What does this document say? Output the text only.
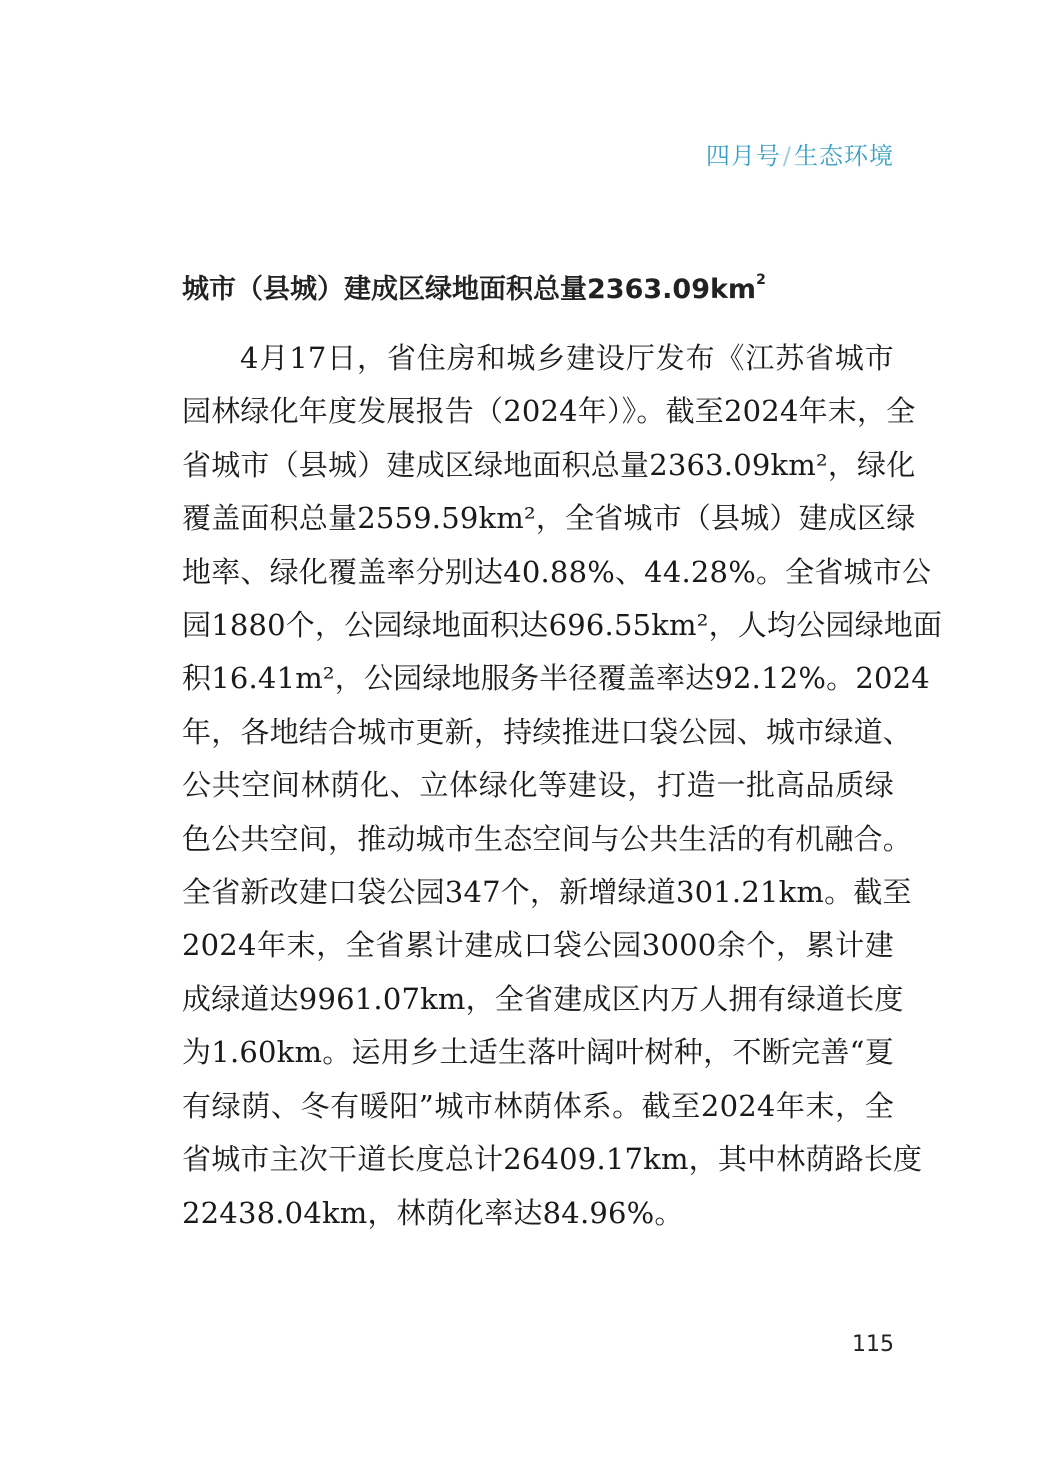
四月号/生态环境
城市（县城）建成区绿地面积总量$2363.09km^2$
4月17日，省住房和城乡建设厅发布《江苏省城市
园林绿化年度发展报告（2024年）》。截至2024年末，全
省城市（县城）建成区绿地面积总量2363.09km²，绿化
覆盖面积总量2559.59km²，全省城市（县城）建成区绿
地率、绿化覆盖率分别达40.88%、44.28%。全省城市公
园1880个，公园绿地面积达696.55km²，人均公园绿地面
积16.41m²，公园绿地服务半径覆盖率达92.12%。2024
年，各地结合城市更新，持续推进口袋公园、城市绿道、
公共空间林荫化、立体绿化等建设，打造一批高品质绿
色公共空间，推动城市生态空间与公共生活的有机融合。
全省新改建口袋公园347个，新增绿道301.21km。截至
2024年末，全省累计建成口袋公园3000余个，累计建
成绿道达9961.07km，全省建成区内万人拥有绿道长度
为1.60km。运用乡土适生落叶阔叶树种，不断完善“夏
有绿荫、冬有暖阳”城市林荫体系。截至2024年末，全
省城市主次干道长度总计26409.17km，其中林荫路长度
22438.04km，林荫化率达84.96%。
115
